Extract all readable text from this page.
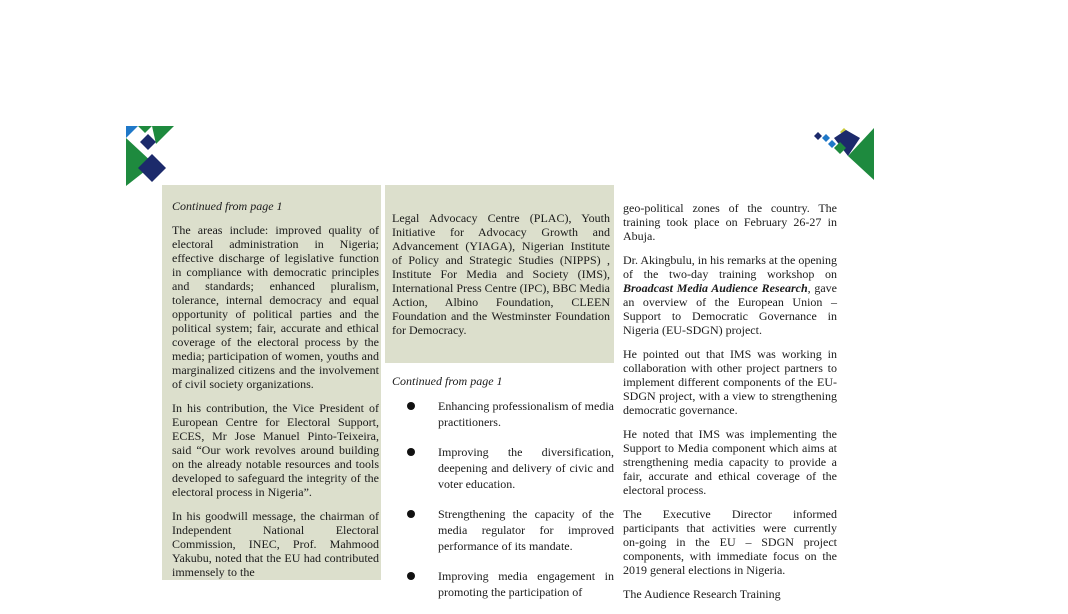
Continued from page 1

The areas include: improved quality of electoral administration in Nigeria; effective discharge of legislative function in compliance with democratic principles and standards; enhanced pluralism, tolerance, internal democracy and equal opportunity of political parties and the political system; fair, accurate and ethical coverage of the electoral process by the media; participation of women, youths and marginalized citizens and the involvement of civil society organizations.

In his contribution, the Vice President of European Centre for Electoral Support, ECES, Mr Jose Manuel Pinto-Teixeira, said “Our work revolves around building on the already notable resources and tools developed to safeguard the integrity of the electoral process in Nigeria”.

In his goodwill message, the chairman of Independent National Electoral Commission, INEC, Prof. Mahmood Yakubu, noted that the EU had contributed immensely to the

Legal Advocacy Centre (PLAC), Youth Initiative for Advocacy Growth and Advancement (YIAGA), Nigerian Institute of Policy and Strategic Studies (NIPPS) , Institute For Media and Society (IMS), International Press Centre (IPC), BBC Media Action, Albino Foundation, CLEEN Foundation and the Westminster Foundation for Democracy.

Continued from page 1
Enhancing professionalism of media practitioners.
Improving the diversification, deepening and delivery of civic and voter education.
Strengthening the capacity of the media regulator for improved performance of its mandate.
Improving media engagement in promoting the participation of

geo-political zones of the country. The training took place on February 26-27 in Abuja.

Dr. Akingbulu, in his remarks at the opening of the two-day training workshop on Broadcast Media Audience Research, gave an overview of the European Union – Support to Democratic Governance in Nigeria (EU-SDGN) project.

He pointed out that IMS was working in collaboration with other project partners to implement different components of the EU-SDGN project, with a view to strengthening democratic governance.

He noted that IMS was implementing the Support to Media component which aims at strengthening media capacity to provide a fair, accurate and ethical coverage of the electoral process.

The Executive Director informed participants that activities were currently on-going in the EU – SDGN project components, with immediate focus on the 2019 general elections in Nigeria.

The Audience Research Training
